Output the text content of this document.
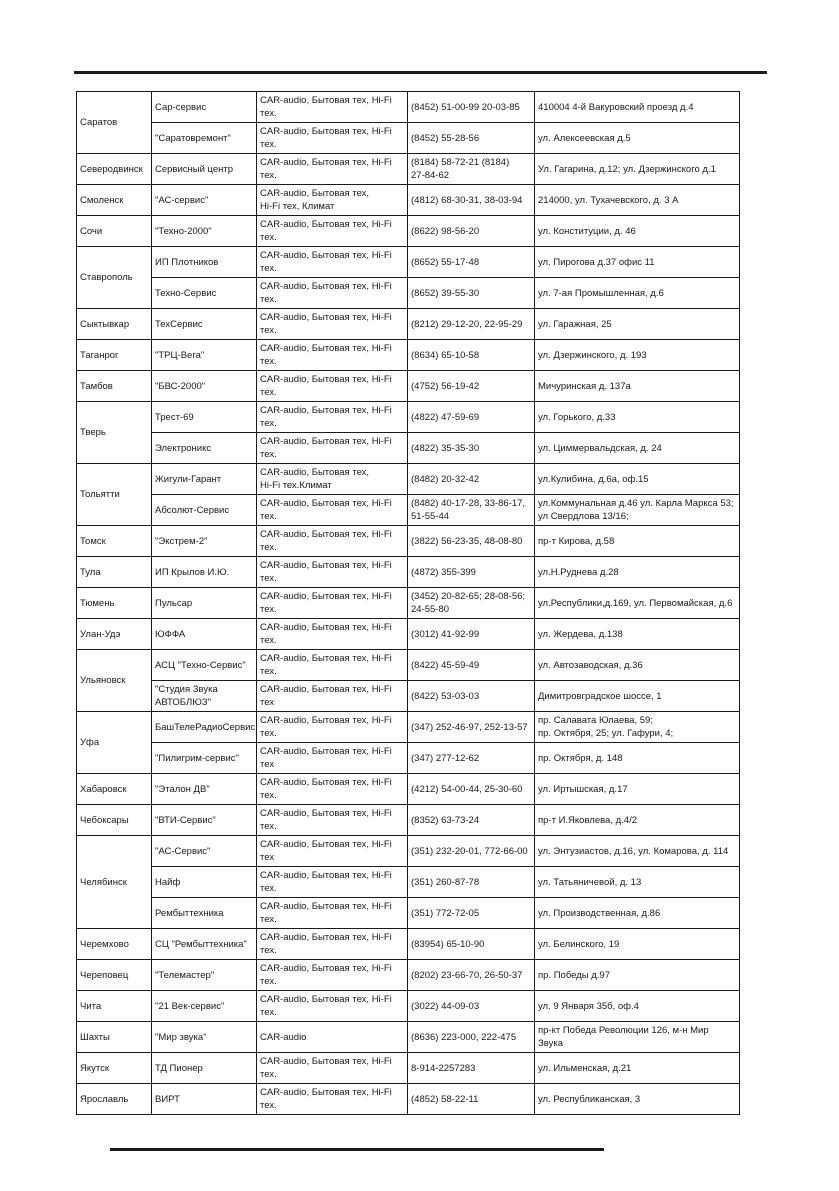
Саратов	Сар-сервис	CAR-audio, Бытовая тех, Hi-Fi тех.	(8452) 51-00-99 20-03-85	410004 4-й Вакуровский проезд д.4
	"Саратовремонт"	CAR-audio, Бытовая тех, Hi-Fi тех.	(8452) 55-28-56	ул. Алексеевская д.5
Северодвинск	Сервисный центр	CAR-audio, Бытовая тех, Hi-Fi тех.	(8184) 58-72-21 (8184)
27-84-62	Ул. Гагарина, д.12; ул. Дзержинского д.1
Смоленск	"АС-сервис"	CAR-audio, Бытовая тех,
Hi-Fi тех, Климат	(4812) 68-30-31, 38-03-94	214000, ул. Тухачевского, д. 3 А
Сочи	"Техно-2000"	CAR-audio, Бытовая тех, Hi-Fi тех.	(8622) 98-56-20	ул. Конституции, д. 46
Ставрополь	ИП Плотников	CAR-audio, Бытовая тех, Hi-Fi тех.	(8652) 55-17-48	ул. Пирогова д.37 офис 11
	Техно-Сервис	CAR-audio, Бытовая тех, Hi-Fi тех.	(8652) 39-55-30	ул. 7-ая Промышленная, д.6
Сыктывкар	ТехСервис	CAR-audio, Бытовая тех, Hi-Fi тех.	(8212) 29-12-20, 22-95-29	ул. Гаражная, 25
Таганрог	"ТРЦ-Вега"	CAR-audio, Бытовая тех, Hi-Fi тех.	(8634) 65-10-58	ул. Дзержинского, д. 193
Тамбов	"БВС-2000"	CAR-audio, Бытовая тех, Hi-Fi тех.	(4752) 56-19-42	Мичуринская д. 137а
Тверь	Трест-69	CAR-audio, Бытовая тех, Hi-Fi тех.	(4822) 47-59-69	ул. Горького, д.33
	Электроникс	CAR-audio, Бытовая тех, Hi-Fi тех.	(4822) 35-35-30	ул. Циммервальдская, д. 24
Тольятти	Жигули-Гарант	CAR-audio, Бытовая тех,
Hi-Fi тех.Климат	(8482) 20-32-42	ул.Кулибина, д.6а, оф.15
	Абсолют-Сервис	CAR-audio, Бытовая тех, Hi-Fi тех.	(8482) 40-17-28, 33-86-17,
51-55-44	ул.Коммунальная д.46 ул. Карла Маркса 53;
ул Свердлова 13/16;
Томск	"Экстрем-2"	CAR-audio, Бытовая тех, Hi-Fi тех.	(3822) 56-23-35, 48-08-80	пр-т Кирова, д.58
Тула	ИП Крылов И.Ю.	CAR-audio, Бытовая тех, Hi-Fi тех.	(4872) 355-399	ул.Н.Руднева д.28
Тюмень	Пульсар	CAR-audio, Бытовая тех, Hi-Fi тех.	(3452) 20-82-65; 28-08-56;
24-55-80	ул.Республики,д.169, ул. Первомайская, д.6
Улан-Удэ	ЮФФА	CAR-audio, Бытовая тех, Hi-Fi тех.	(3012) 41-92-99	ул. Жердева, д.138
Ульяновск	АСЦ "Техно-Сервис"	CAR-audio, Бытовая тех, Hi-Fi тех.	(8422) 45-59-49	ул. Автозаводская, д.36
	"Студия Звука
АВТОБЛЮЗ"	CAR-audio, Бытовая тех, Hi-Fi тех	(8422) 53-03-03	Димитровградское шоссе, 1
Уфа	БашТелеРадиоСервис	CAR-audio, Бытовая тех, Hi-Fi тех.	(347) 252-46-97, 252-13-57	пр. Салавата Юлаева, 59;
пр. Октября, 25; ул. Гафури, 4;
	"Пилигрим-сервис"	CAR-audio, Бытовая тех, Hi-Fi тех	(347) 277-12-62	пр. Октября, д. 148
Хабаровск	"Эталон ДВ"	CAR-audio, Бытовая тех, Hi-Fi тех.	(4212) 54-00-44, 25-30-60	ул. Иртышская, д.17
Чебоксары	"ВТИ-Сервис"	CAR-audio, Бытовая тех, Hi-Fi тех.	(8352) 63-73-24	пр-т И.Яковлева, д.4/2
Челябинск	"АС-Сервис"	CAR-audio, Бытовая тех, Hi-Fi тех	(351) 232-20-01, 772-66-00	ул. Энтузиастов, д.16, ул. Комарова, д. 114
	Найф	CAR-audio, Бытовая тех, Hi-Fi тех.	(351) 260-87-78	ул. Татьяничевой, д. 13
	Рембыттехника	CAR-audio, Бытовая тех, Hi-Fi тех.	(351) 772-72-05	ул. Производственная, д.86
Черемхово	СЦ "Рембыттехника"	CAR-audio, Бытовая тех, Hi-Fi тех.	(83954) 65-10-90	ул. Белинского, 19
Череповец	"Телемастер"	CAR-audio, Бытовая тех, Hi-Fi тех.	(8202) 23-66-70, 26-50-37	пр. Победы д.97
Чита	"21 Век-сервис"	CAR-audio, Бытовая тех, Hi-Fi тех.	(3022) 44-09-03	ул. 9 Января 35б, оф.4
Шахты	"Мир звука"	CAR-audio	(8636) 223-000, 222-475	пр-кт Победа Революции 126, м-н Мир Звука
Якутск	ТД Пионер	CAR-audio, Бытовая тех, Hi-Fi тех.	8-914-2257283	ул. Ильменская, д.21
Ярославль	ВИРТ	CAR-audio, Бытовая тех, Hi-Fi тех.	(4852) 58-22-11	ул. Республиканская, 3
